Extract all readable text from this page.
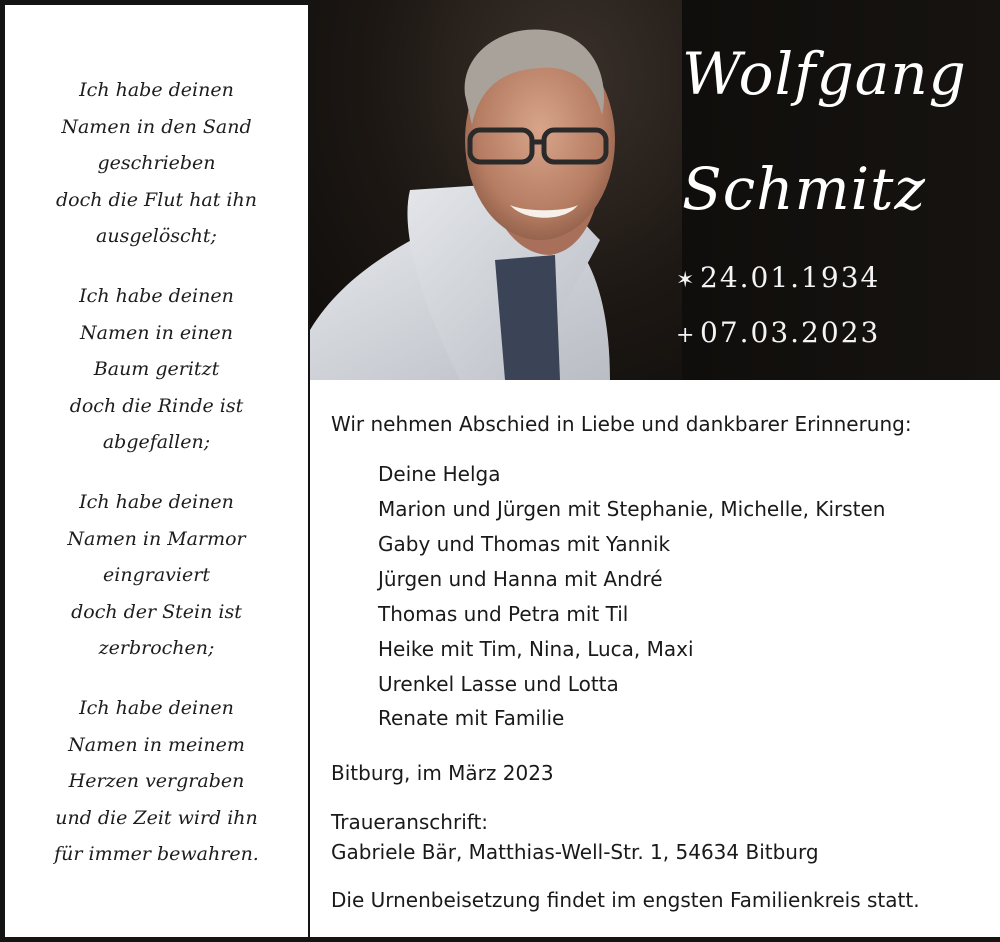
Ich habe deinen
Namen in den Sand
geschrieben
doch die Flut hat ihn
ausgelöscht;
Ich habe deinen
Namen in einen
Baum geritzt
doch die Rinde ist
abgefallen;
Ich habe deinen
Namen in Marmor
eingraviert
doch der Stein ist
zerbrochen;
Ich habe deinen
Namen in meinem
Herzen vergraben
und die Zeit wird ihn
für immer bewahren.
Wolfgang
Schmitz
✶ 24.01.1934
+ 07.03.2023
Wir nehmen Abschied in Liebe und dankbarer Erinnerung:
Deine Helga
Marion und Jürgen mit Stephanie, Michelle, Kirsten
Gaby und Thomas mit Yannik
Jürgen und Hanna mit André
Thomas und Petra mit Til
Heike mit Tim, Nina, Luca, Maxi
Urenkel Lasse und Lotta
Renate mit Familie
Bitburg, im März 2023
Traueranschrift:
Gabriele Bär, Matthias-Well-Str. 1, 54634 Bitburg
Die Urnenbeisetzung findet im engsten Familienkreis statt.
